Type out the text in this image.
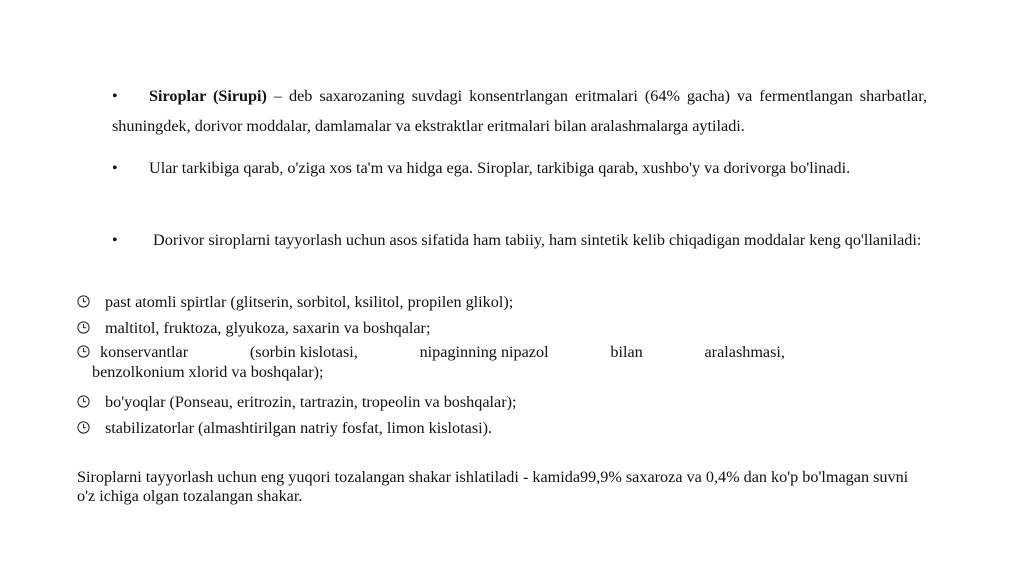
• Siroplar (Sirupi) – deb saxarozaning suvdagi konsentrlangan eritmalari (64% gacha) va fermentlangan sharbatlar, shuningdek, dorivor moddalar, damlamalar va ekstraktlar eritmalari bilan aralashmalarga aytiladi.
• Ular tarkibiga qarab, o'ziga xos ta'm va hidga ega. Siroplar, tarkibiga qarab, xushbo'y va dorivorga bo'linadi.
• Dorivor siroplarni tayyorlash uchun asos sifatida ham tabiiy, ham sintetik kelib chiqadigan moddalar keng qo'llaniladi:
past atomli spirtlar (glitserin, sorbitol, ksilitol, propilen glikol);
maltitol, fruktoza, glyukoza, saxarin va boshqalar;
konservantlar	(sorbin kislotasi,	nipaginning nipazol	bilan	aralashmasi,
benzolkonium xlorid va boshqalar);
bo'yoqlar (Ponseau, eritrozin, tartrazin, tropeolin va boshqalar);
stabilizatorlar (almashtirilgan natriy fosfat, limon kislotasi).
Siroplarni tayyorlash uchun eng yuqori tozalangan shakar ishlatiladi - kamida99,9% saxaroza va 0,4% dan ko'p bo'lmagan suvni o'z ichiga olgan tozalangan shakar.
